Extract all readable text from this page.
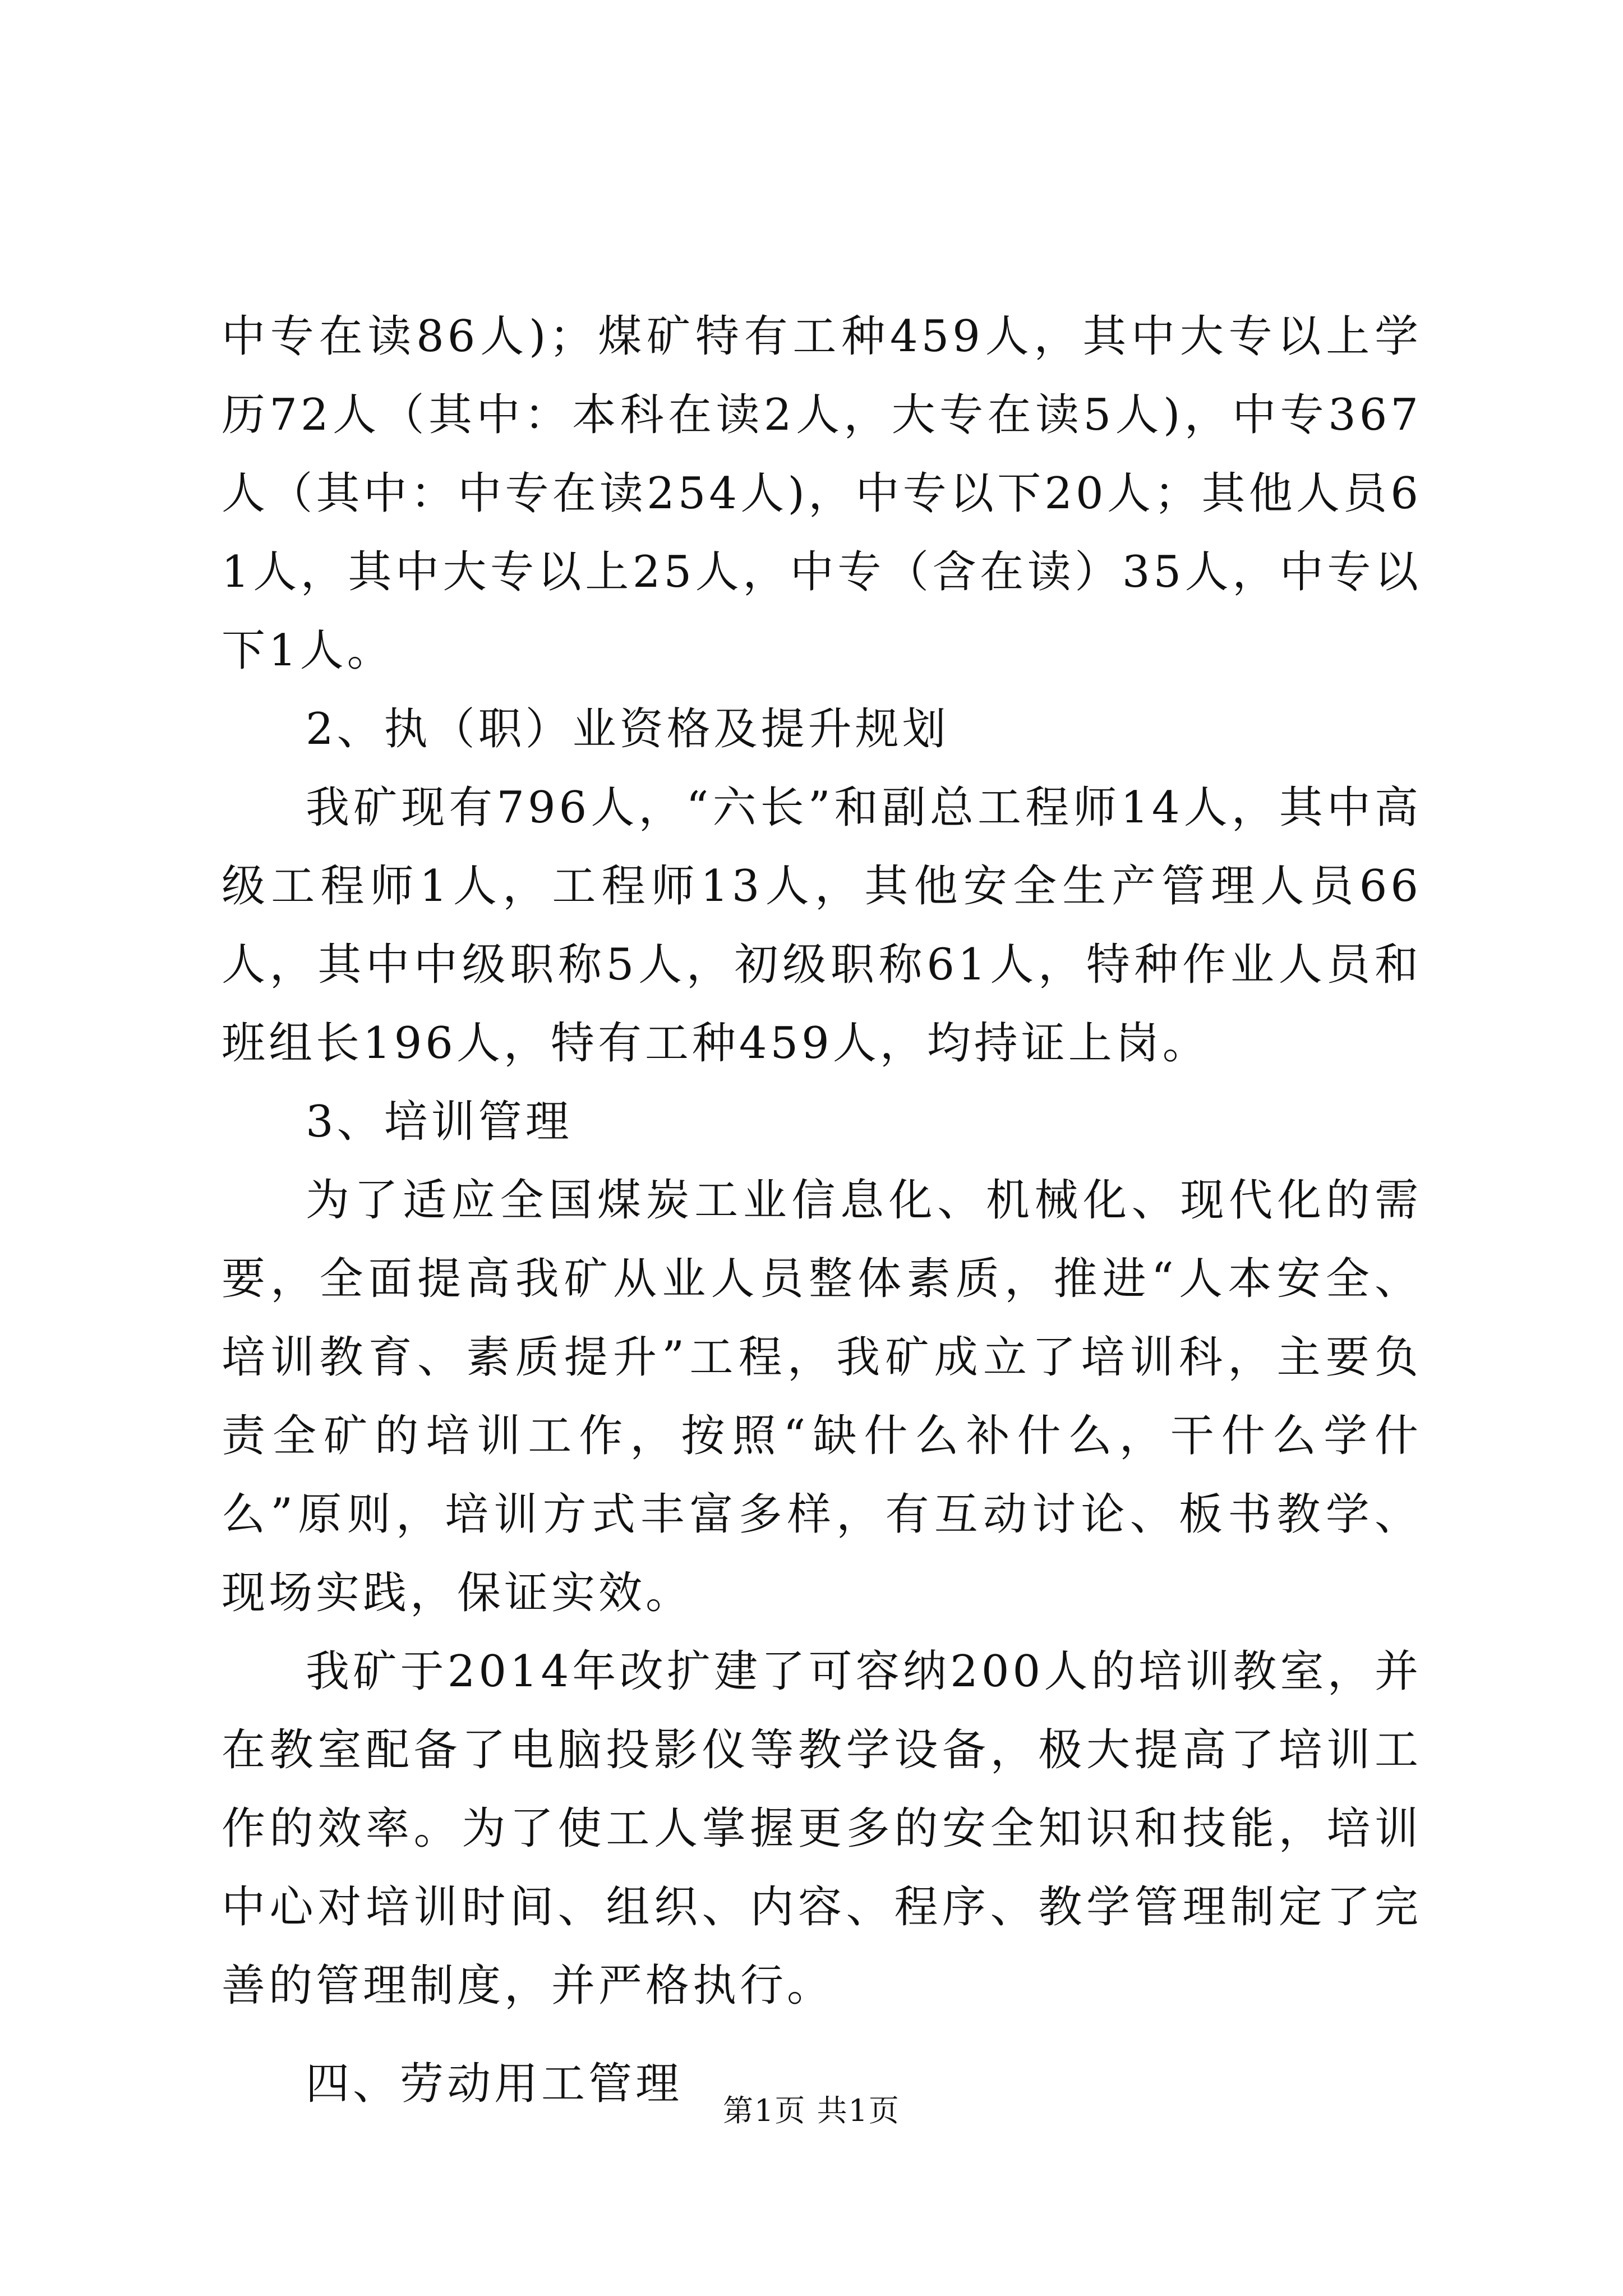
中专在读86人)；煤矿特有工种459人，其中大专以上学历72人（其中：本科在读2人，大专在读5人)，中专367人（其中：中专在读254人)，中专以下20人；其他人员61人，其中大专以上25人，中专（含在读）35人，中专以下1人。

2、执（职）业资格及提升规划

我矿现有796人，“六长”和副总工程师14人，其中高级工程师1人，工程师13人，其他安全生产管理人员66人，其中中级职称5人，初级职称61人，特种作业人员和班组长196人，特有工种459人，均持证上岗。

3、培训管理

为了适应全国煤炭工业信息化、机械化、现代化的需要，全面提高我矿从业人员整体素质，推进“人本安全、培训教育、素质提升”工程，我矿成立了培训科，主要负责全矿的培训工作，按照“缺什么补什么，干什么学什么”原则，培训方式丰富多样，有互动讨论、板书教学、现场实践，保证实效。

我矿于2014年改扩建了可容纳200人的培训教室，并在教室配备了电脑投影仪等教学设备，极大提高了培训工作的效率。为了使工人掌握更多的安全知识和技能，培训中心对培训时间、组织、内容、程序、教学管理制定了完善的管理制度，并严格执行。

四、劳动用工管理

第1页 共1页
